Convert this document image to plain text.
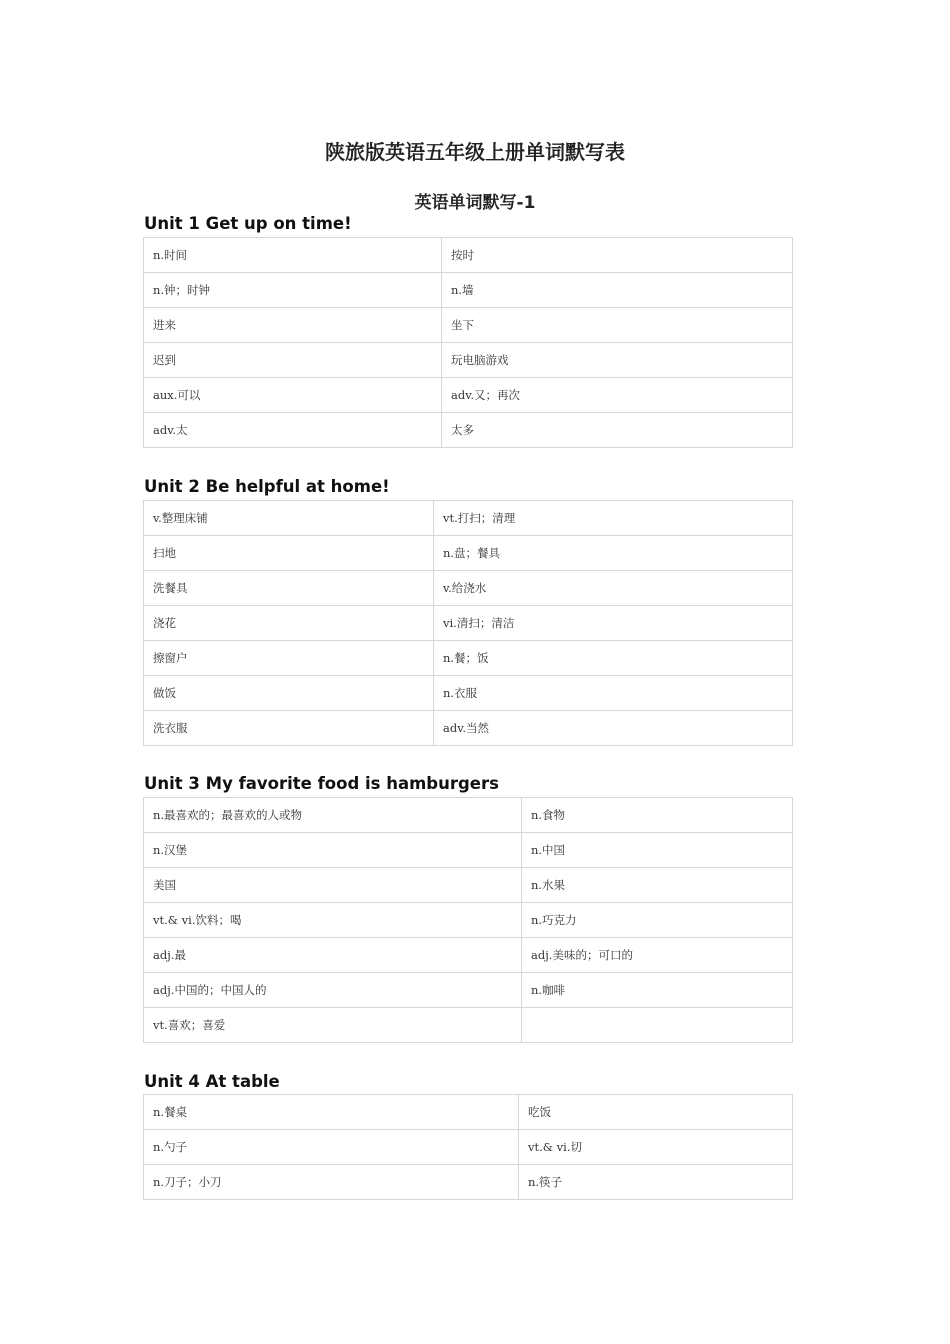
陕旅版英语五年级上册单词默写表
英语单词默写-1
Unit 1 Get up on time!
n.时间	按时
n.钟；时钟	n.墙
进来	坐下
迟到	玩电脑游戏
aux.可以	adv.又；再次
adv.太	太多
Unit 2 Be helpful at home!
v.整理床铺	vt.打扫；清理
扫地	n.盘；餐具
洗餐具	v.给浇水
浇花	vi.清扫；清洁
擦窗户	n.餐；饭
做饭	n.衣服
洗衣服	adv.当然
Unit 3 My favorite food is hamburgers
n.最喜欢的；最喜欢的人或物	n.食物
n.汉堡	n.中国
美国	n.水果
vt.& vi.饮料；喝	n.巧克力
adj.最	adj.美味的；可口的
adj.中国的；中国人的	n.咖啡
vt.喜欢；喜爱	
Unit 4 At table
n.餐桌	吃饭
n.勺子	vt.& vi.切
n.刀子；小刀	n.筷子
